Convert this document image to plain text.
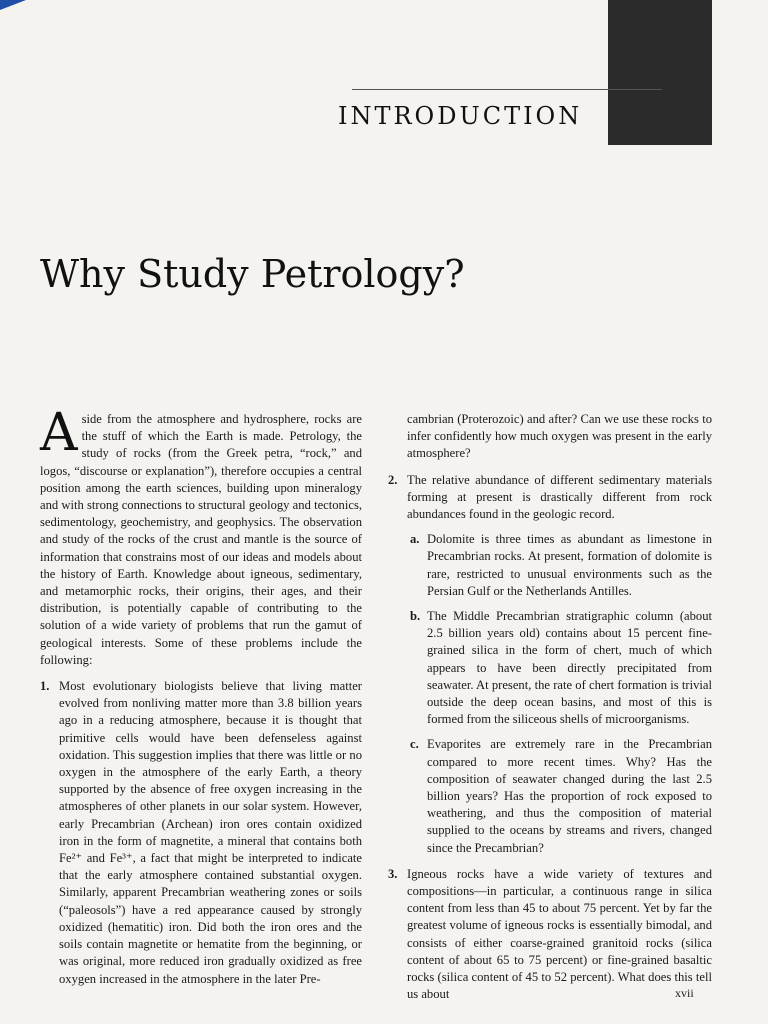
INTRODUCTION
Why Study Petrology?

Aside from the atmosphere and hydrosphere, rocks are the stuff of which the Earth is made. Petrology, the study of rocks (from the Greek petra, “rock,” and logos, “discourse or explanation”), therefore occupies a central position among the earth sciences, building upon mineralogy and with strong connections to structural geology and tectonics, sedimentology, geochemistry, and geophysics. The observation and study of the rocks of the crust and mantle is the source of information that constrains most of our ideas and models about the history of Earth. Knowledge about igneous, sedimentary, and metamorphic rocks, their origins, their ages, and their distribution, is potentially capable of contributing to the solution of a wide variety of problems that run the gamut of geological interests. Some of these problems include the following:

1. Most evolutionary biologists believe that living matter evolved from nonliving matter more than 3.8 billion years ago in a reducing atmosphere, because it is thought that primitive cells would have been defenseless against oxidation. This suggestion implies that there was little or no oxygen in the atmosphere of the early Earth, a theory supported by the absence of free oxygen increasing in the atmospheres of other planets in our solar system. However, early Precambrian (Archean) iron ores contain oxidized iron in the form of magnetite, a mineral that contains both Fe²⁺ and Fe³⁺, a fact that might be interpreted to indicate that the early atmosphere contained substantial oxygen. Similarly, apparent Precambrian weathering zones or soils (“paleosols”) have a red appearance caused by strongly oxidized (hematitic) iron. Did both the iron ores and the soils contain magnetite or hematite from the beginning, or was original, more reduced iron gradually oxidized as free oxygen increased in the atmosphere in the later Pre-

cambrian (Proterozoic) and after? Can we use these rocks to infer confidently how much oxygen was present in the early atmosphere?

2. The relative abundance of different sedimentary materials forming at present is drastically different from rock abundances found in the geologic record.

a. Dolomite is three times as abundant as limestone in Precambrian rocks. At present, formation of dolomite is rare, restricted to unusual environments such as the Persian Gulf or the Netherlands Antilles.

b. The Middle Precambrian stratigraphic column (about 2.5 billion years old) contains about 15 percent fine-grained silica in the form of chert, much of which appears to have been directly precipitated from seawater. At present, the rate of chert formation is trivial outside the deep ocean basins, and most of this is formed from the siliceous shells of microorganisms.

c. Evaporites are extremely rare in the Precambrian compared to more recent times. Why? Has the composition of seawater changed during the last 2.5 billion years? Has the proportion of rock exposed to weathering, and thus the composition of material supplied to the oceans by streams and rivers, changed since the Precambrian?

3. Igneous rocks have a wide variety of textures and compositions—in particular, a continuous range in silica content from less than 45 to about 75 percent. Yet by far the greatest volume of igneous rocks is essentially bimodal, and consists of either coarse-grained granitoid rocks (silica content of about 65 to 75 percent) or fine-grained basaltic rocks (silica content of 45 to 52 percent). What does this tell us about	xvii
